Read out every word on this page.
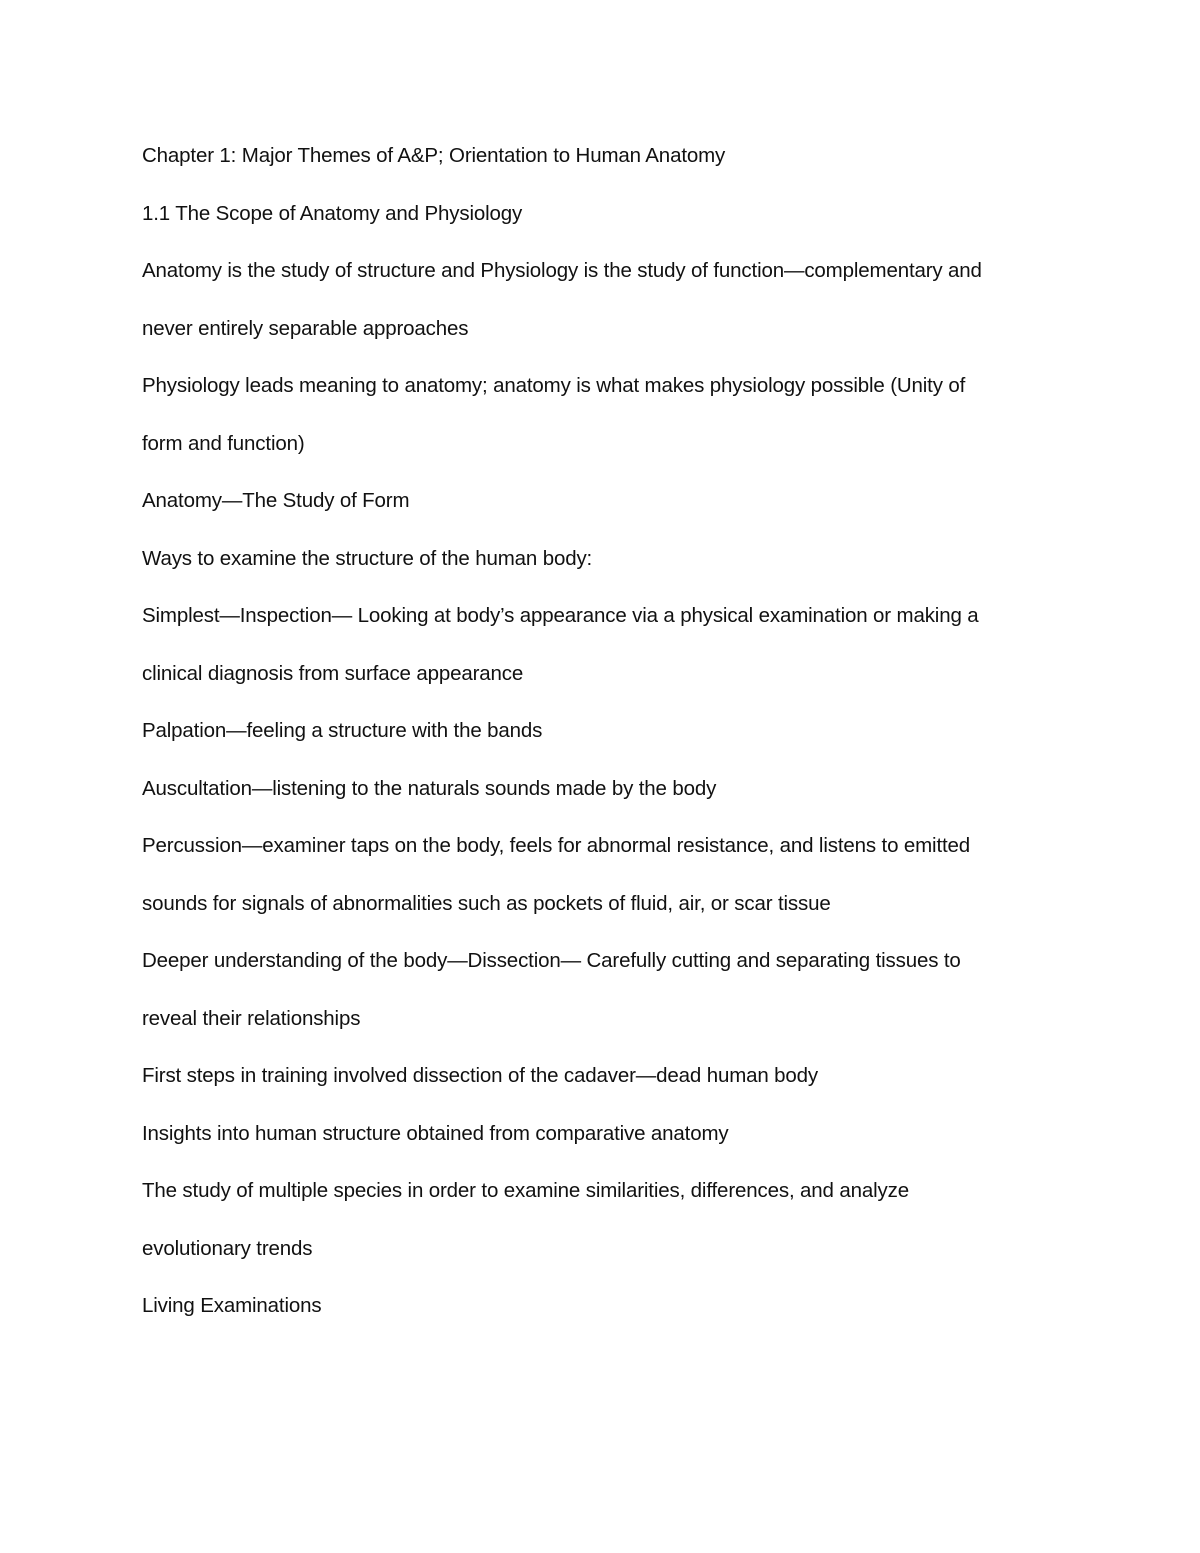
Chapter 1: Major Themes of A&P; Orientation to Human Anatomy

1.1 The Scope of Anatomy and Physiology

Anatomy is the study of structure and Physiology is the study of function—complementary and

never entirely separable approaches

Physiology leads meaning to anatomy; anatomy is what makes physiology possible (Unity of

form and function)

Anatomy—The Study of Form

Ways to examine the structure of the human body:

Simplest—Inspection— Looking at body’s appearance via a physical examination or making a

clinical diagnosis from surface appearance

Palpation—feeling a structure with the bands

Auscultation—listening to the naturals sounds made by the body

Percussion—examiner taps on the body, feels for abnormal resistance, and listens to emitted

sounds for signals of abnormalities such as pockets of fluid, air, or scar tissue

Deeper understanding of the body—Dissection— Carefully cutting and separating tissues to

reveal their relationships

First steps in training involved dissection of the cadaver—dead human body

Insights into human structure obtained from comparative anatomy

The study of multiple species in order to examine similarities, differences, and analyze

evolutionary trends

Living Examinations
